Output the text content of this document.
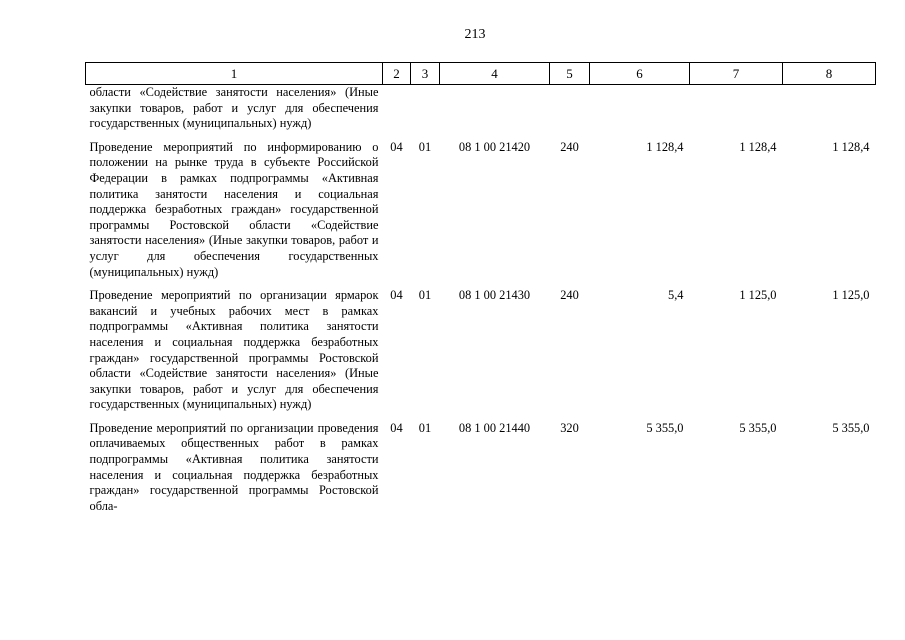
213
1	2	3	4	5	6	7	8
области «Содействие занятости населения» (Иные закупки товаров, работ и услуг для обеспечения государственных (муниципальных) нужд)							
Проведение мероприятий по информированию о положении на рынке труда в субъекте Российской Федерации в рамках подпрограммы «Активная политика занятости населения и социальная поддержка безработных граждан» государственной программы Ростовской области «Содействие занятости населения» (Иные закупки товаров, работ и услуг для обеспечения государственных (муниципальных) нужд)	04	01	08 1 00 21420	240	1 128,4	1 128,4	1 128,4
Проведение мероприятий по организации ярмарок вакансий и учебных рабочих мест в рамках подпрограммы «Активная политика занятости населения и социальная поддержка безработных граждан» государственной программы Ростовской области «Содействие занятости населения» (Иные закупки товаров, работ и услуг для обеспечения государственных (муниципальных) нужд)	04	01	08 1 00 21430	240	5,4	1 125,0	1 125,0
Проведение мероприятий по организации проведения оплачиваемых общественных работ в рамках подпрограммы «Активная политика занятости населения и социальная поддержка безработных граждан» государственной программы Ростовской обла-	04	01	08 1 00 21440	320	5 355,0	5 355,0	5 355,0
